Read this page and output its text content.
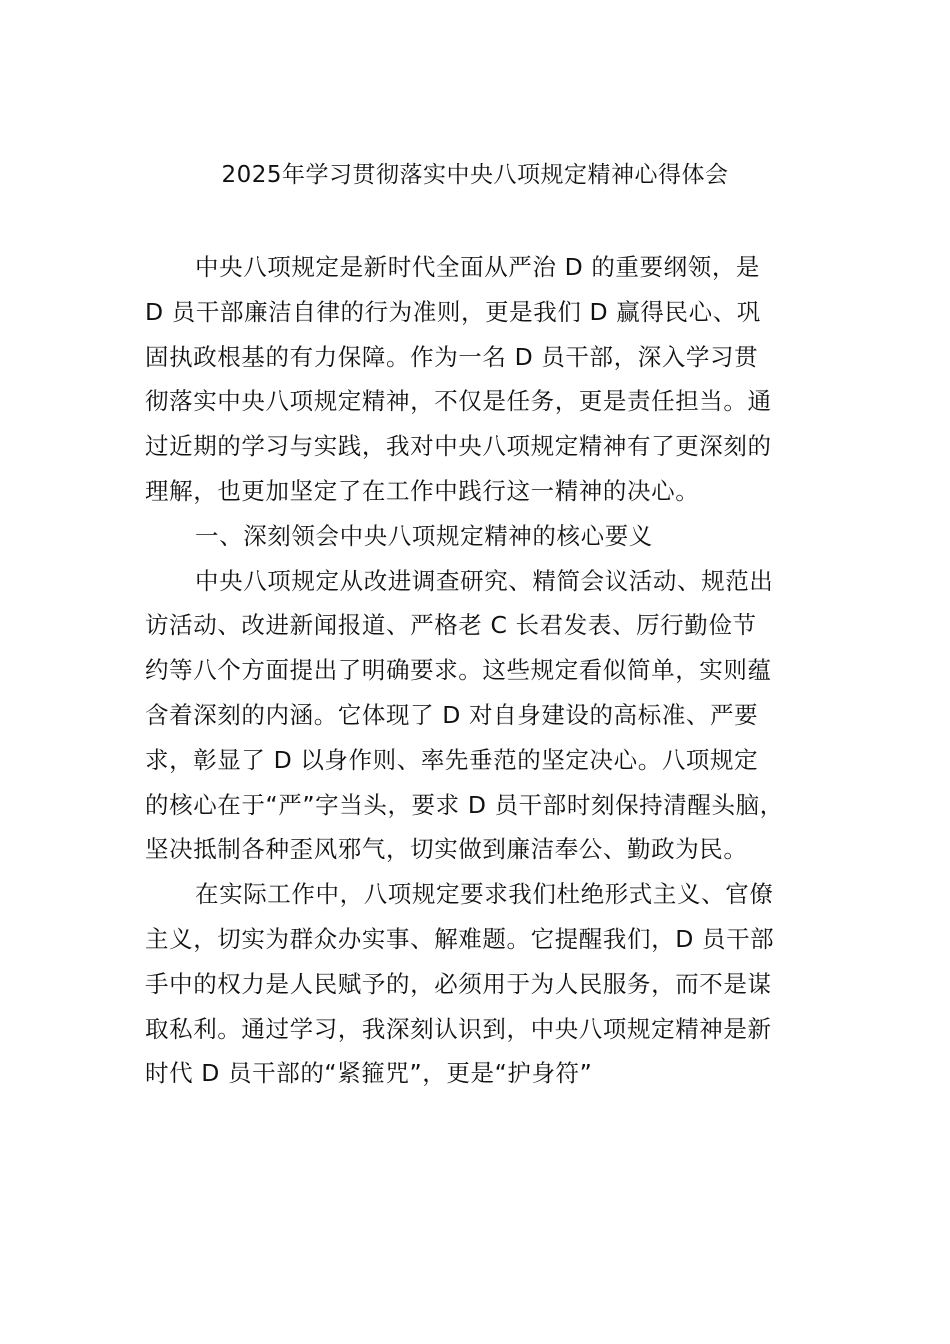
2025年学习贯彻落实中央八项规定精神心得体会
中央八项规定是新时代全面从严治 D 的重要纲领，是
D 员干部廉洁自律的行为准则，更是我们 D 赢得民心、巩
固执政根基的有力保障。作为一名 D 员干部，深入学习贯
彻落实中央八项规定精神，不仅是任务，更是责任担当。通
过近期的学习与实践，我对中央八项规定精神有了更深刻的
理解，也更加坚定了在工作中践行这一精神的决心。
一、深刻领会中央八项规定精神的核心要义
中央八项规定从改进调查研究、精简会议活动、规范出
访活动、改进新闻报道、严格老 C 长君发表、厉行勤俭节
约等八个方面提出了明确要求。这些规定看似简单，实则蕴
含着深刻的内涵。它体现了 D 对自身建设的高标准、严要
求，彰显了 D 以身作则、率先垂范的坚定决心。八项规定
的核心在于“严”字当头，要求 D 员干部时刻保持清醒头脑，
坚决抵制各种歪风邪气，切实做到廉洁奉公、勤政为民。
在实际工作中，八项规定要求我们杜绝形式主义、官僚
主义，切实为群众办实事、解难题。它提醒我们，D 员干部
手中的权力是人民赋予的，必须用于为人民服务，而不是谋
取私利。通过学习，我深刻认识到，中央八项规定精神是新
时代 D 员干部的“紧箍咒”，更是“护身符”
